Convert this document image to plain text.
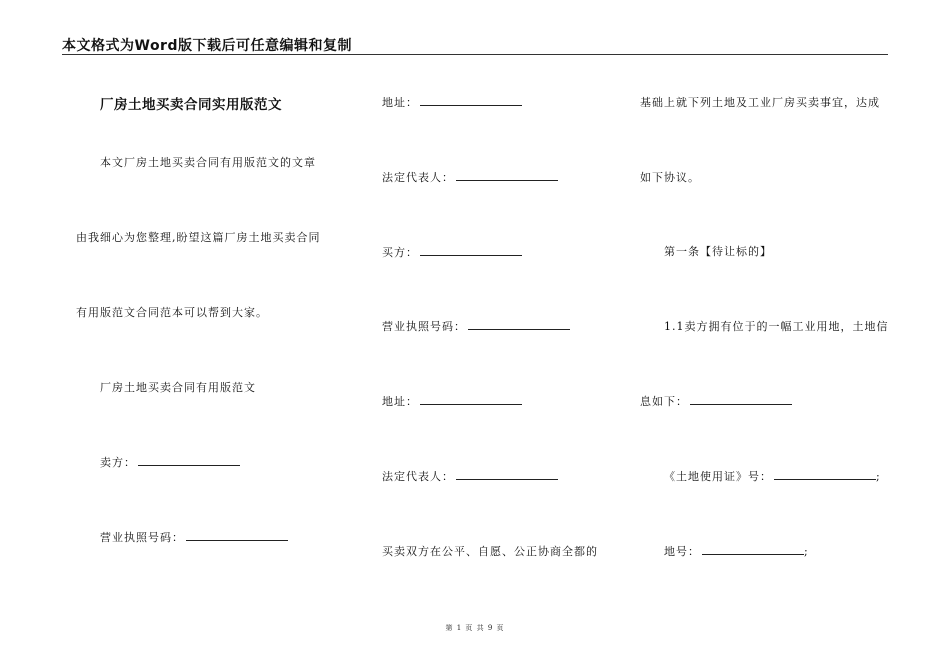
本文格式为Word版下载后可任意编辑和复制
厂房土地买卖合同实用版范文
本文厂房土地买卖合同有用版范文的文章
由我细心为您整理,盼望这篇厂房土地买卖合同
有用版范文合同范本可以帮到大家。
厂房土地买卖合同有用版范文
卖方：
营业执照号码：
地址：
法定代表人：
买方：
营业执照号码：
地址：
法定代表人：
买卖双方在公平、自愿、公正协商全都的
基础上就下列土地及工业厂房买卖事宜，达成
如下协议。
第一条【待让标的】
1.1卖方拥有位于的一幅工业用地，土地信
息如下：
《土地使用证》号：	;
地号：	;
第 1 页 共 9 页
